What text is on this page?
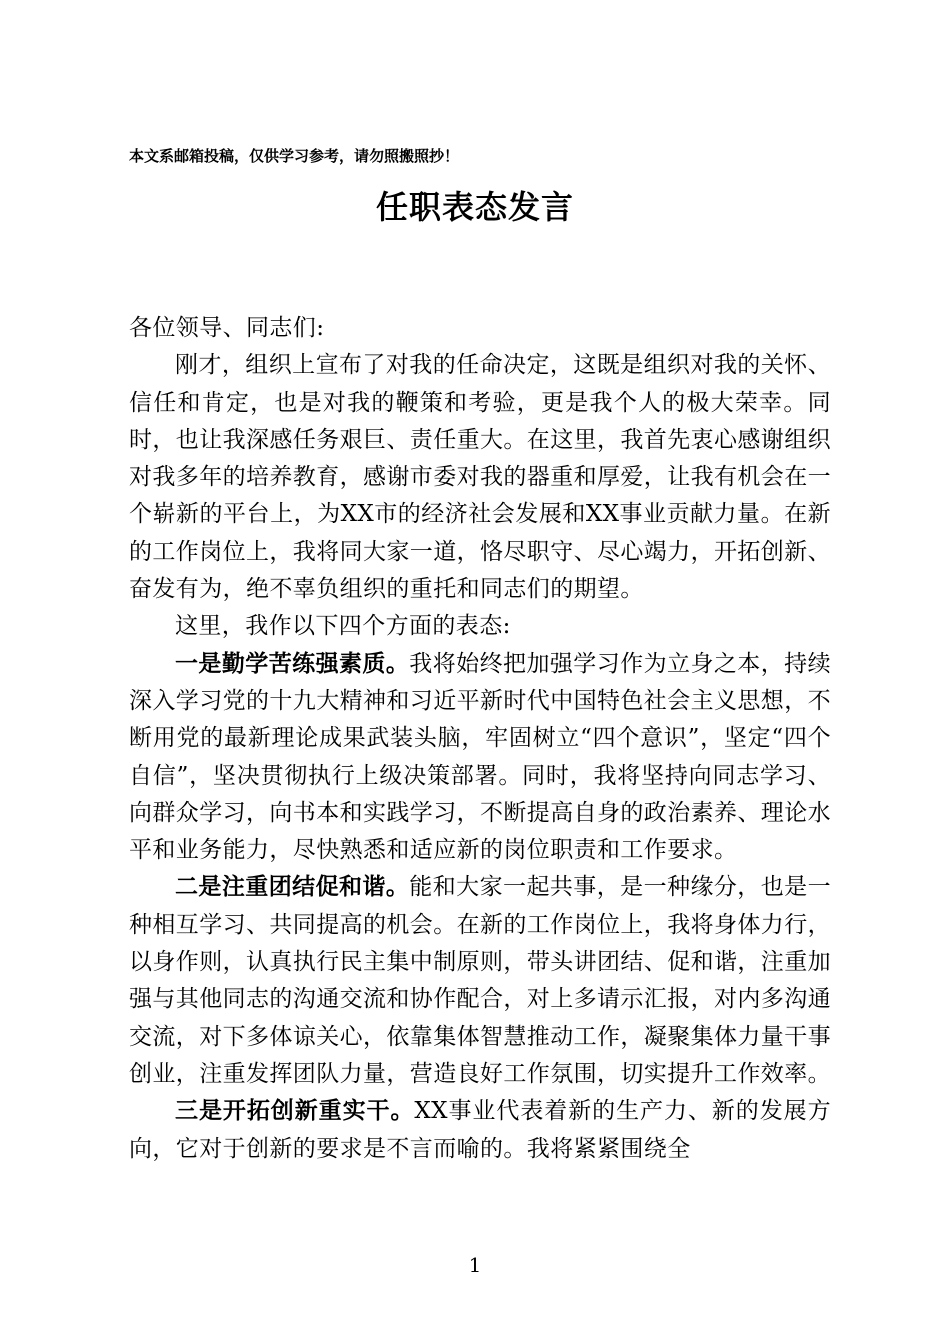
本文系邮箱投稿，仅供学习参考，请勿照搬照抄！
任职表态发言

各位领导、同志们:

刚才，组织上宣布了对我的任命决定，这既是组织对我的关怀、信任和肯定，也是对我的鞭策和考验，更是我个人的极大荣幸。同时，也让我深感任务艰巨、责任重大。在这里，我首先衷心感谢组织对我多年的培养教育，感谢市委对我的器重和厚爱，让我有机会在一个崭新的平台上，为XX市的经济社会发展和XX事业贡献力量。在新的工作岗位上，我将同大家一道，恪尽职守、尽心竭力，开拓创新、奋发有为，绝不辜负组织的重托和同志们的期望。

这里，我作以下四个方面的表态:

一是勤学苦练强素质。我将始终把加强学习作为立身之本，持续深入学习党的十九大精神和习近平新时代中国特色社会主义思想，不断用党的最新理论成果武装头脑，牢固树立“四个意识”，坚定“四个自信”，坚决贯彻执行上级决策部署。同时，我将坚持向同志学习、向群众学习，向书本和实践学习，不断提高自身的政治素养、理论水平和业务能力，尽快熟悉和适应新的岗位职责和工作要求。

二是注重团结促和谐。能和大家一起共事，是一种缘分，也是一种相互学习、共同提高的机会。在新的工作岗位上，我将身体力行，以身作则，认真执行民主集中制原则，带头讲团结、促和谐，注重加强与其他同志的沟通交流和协作配合，对上多请示汇报，对内多沟通交流，对下多体谅关心，依靠集体智慧推动工作，凝聚集体力量干事创业，注重发挥团队力量，营造良好工作氛围，切实提升工作效率。

三是开拓创新重实干。XX事业代表着新的生产力、新的发展方向，它对于创新的要求是不言而喻的。我将紧紧围绕全

1
